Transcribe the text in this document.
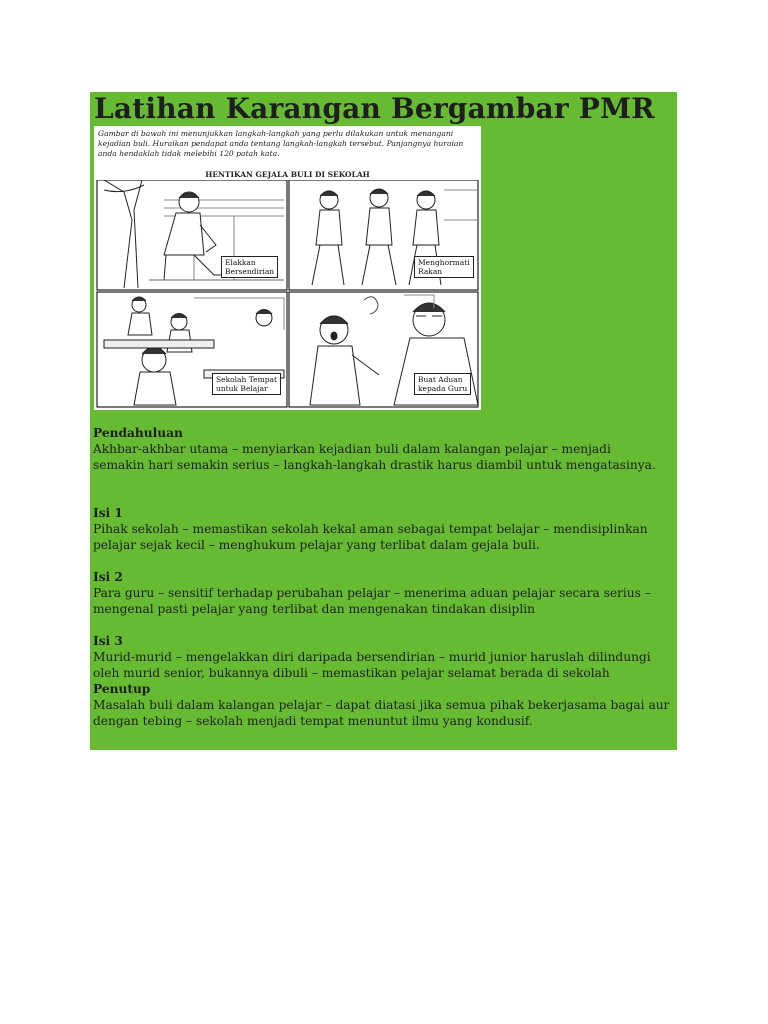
Latihan Karangan Bergambar PMR
Gambar di bawah ini menunjukkan langkah-langkah yang perlu dilakukan untuk menangani kejadian buli. Huraikan pendapat anda tentang langkah-langkah tersebut. Panjangnya huraian anda hendaklah tidak melebihi 120 patah kata.
HENTIKAN GEJALA BULI DI SEKOLAH
Elakkan
Bersendirian
Menghormati
Rakan
Sekolah Tempat
untuk Belajar
Buat Aduan
kepada Guru

Pendahuluan

Akhbar-akhbar utama – menyiarkan kejadian buli dalam kalangan pelajar – menjadi

semakin hari semakin serius – langkah-langkah drastik harus diambil untuk mengatasinya.

Isi 1

Pihak sekolah – memastikan sekolah kekal aman sebagai tempat belajar – mendisiplinkan

pelajar sejak kecil – menghukum pelajar yang terlibat dalam gejala buli.

Isi 2

Para guru – sensitif terhadap perubahan pelajar – menerima aduan pelajar secara serius –

mengenal pasti pelajar yang terlibat dan mengenakan tindakan disiplin

Isi 3

Murid-murid – mengelakkan diri daripada bersendirian – murid junior haruslah dilindungi

oleh murid senior, bukannya dibuli – memastikan pelajar selamat berada di sekolah

Penutup

Masalah buli dalam kalangan pelajar – dapat diatasi jika semua pihak bekerjasama bagai aur

dengan tebing – sekolah menjadi tempat menuntut ilmu yang kondusif.
